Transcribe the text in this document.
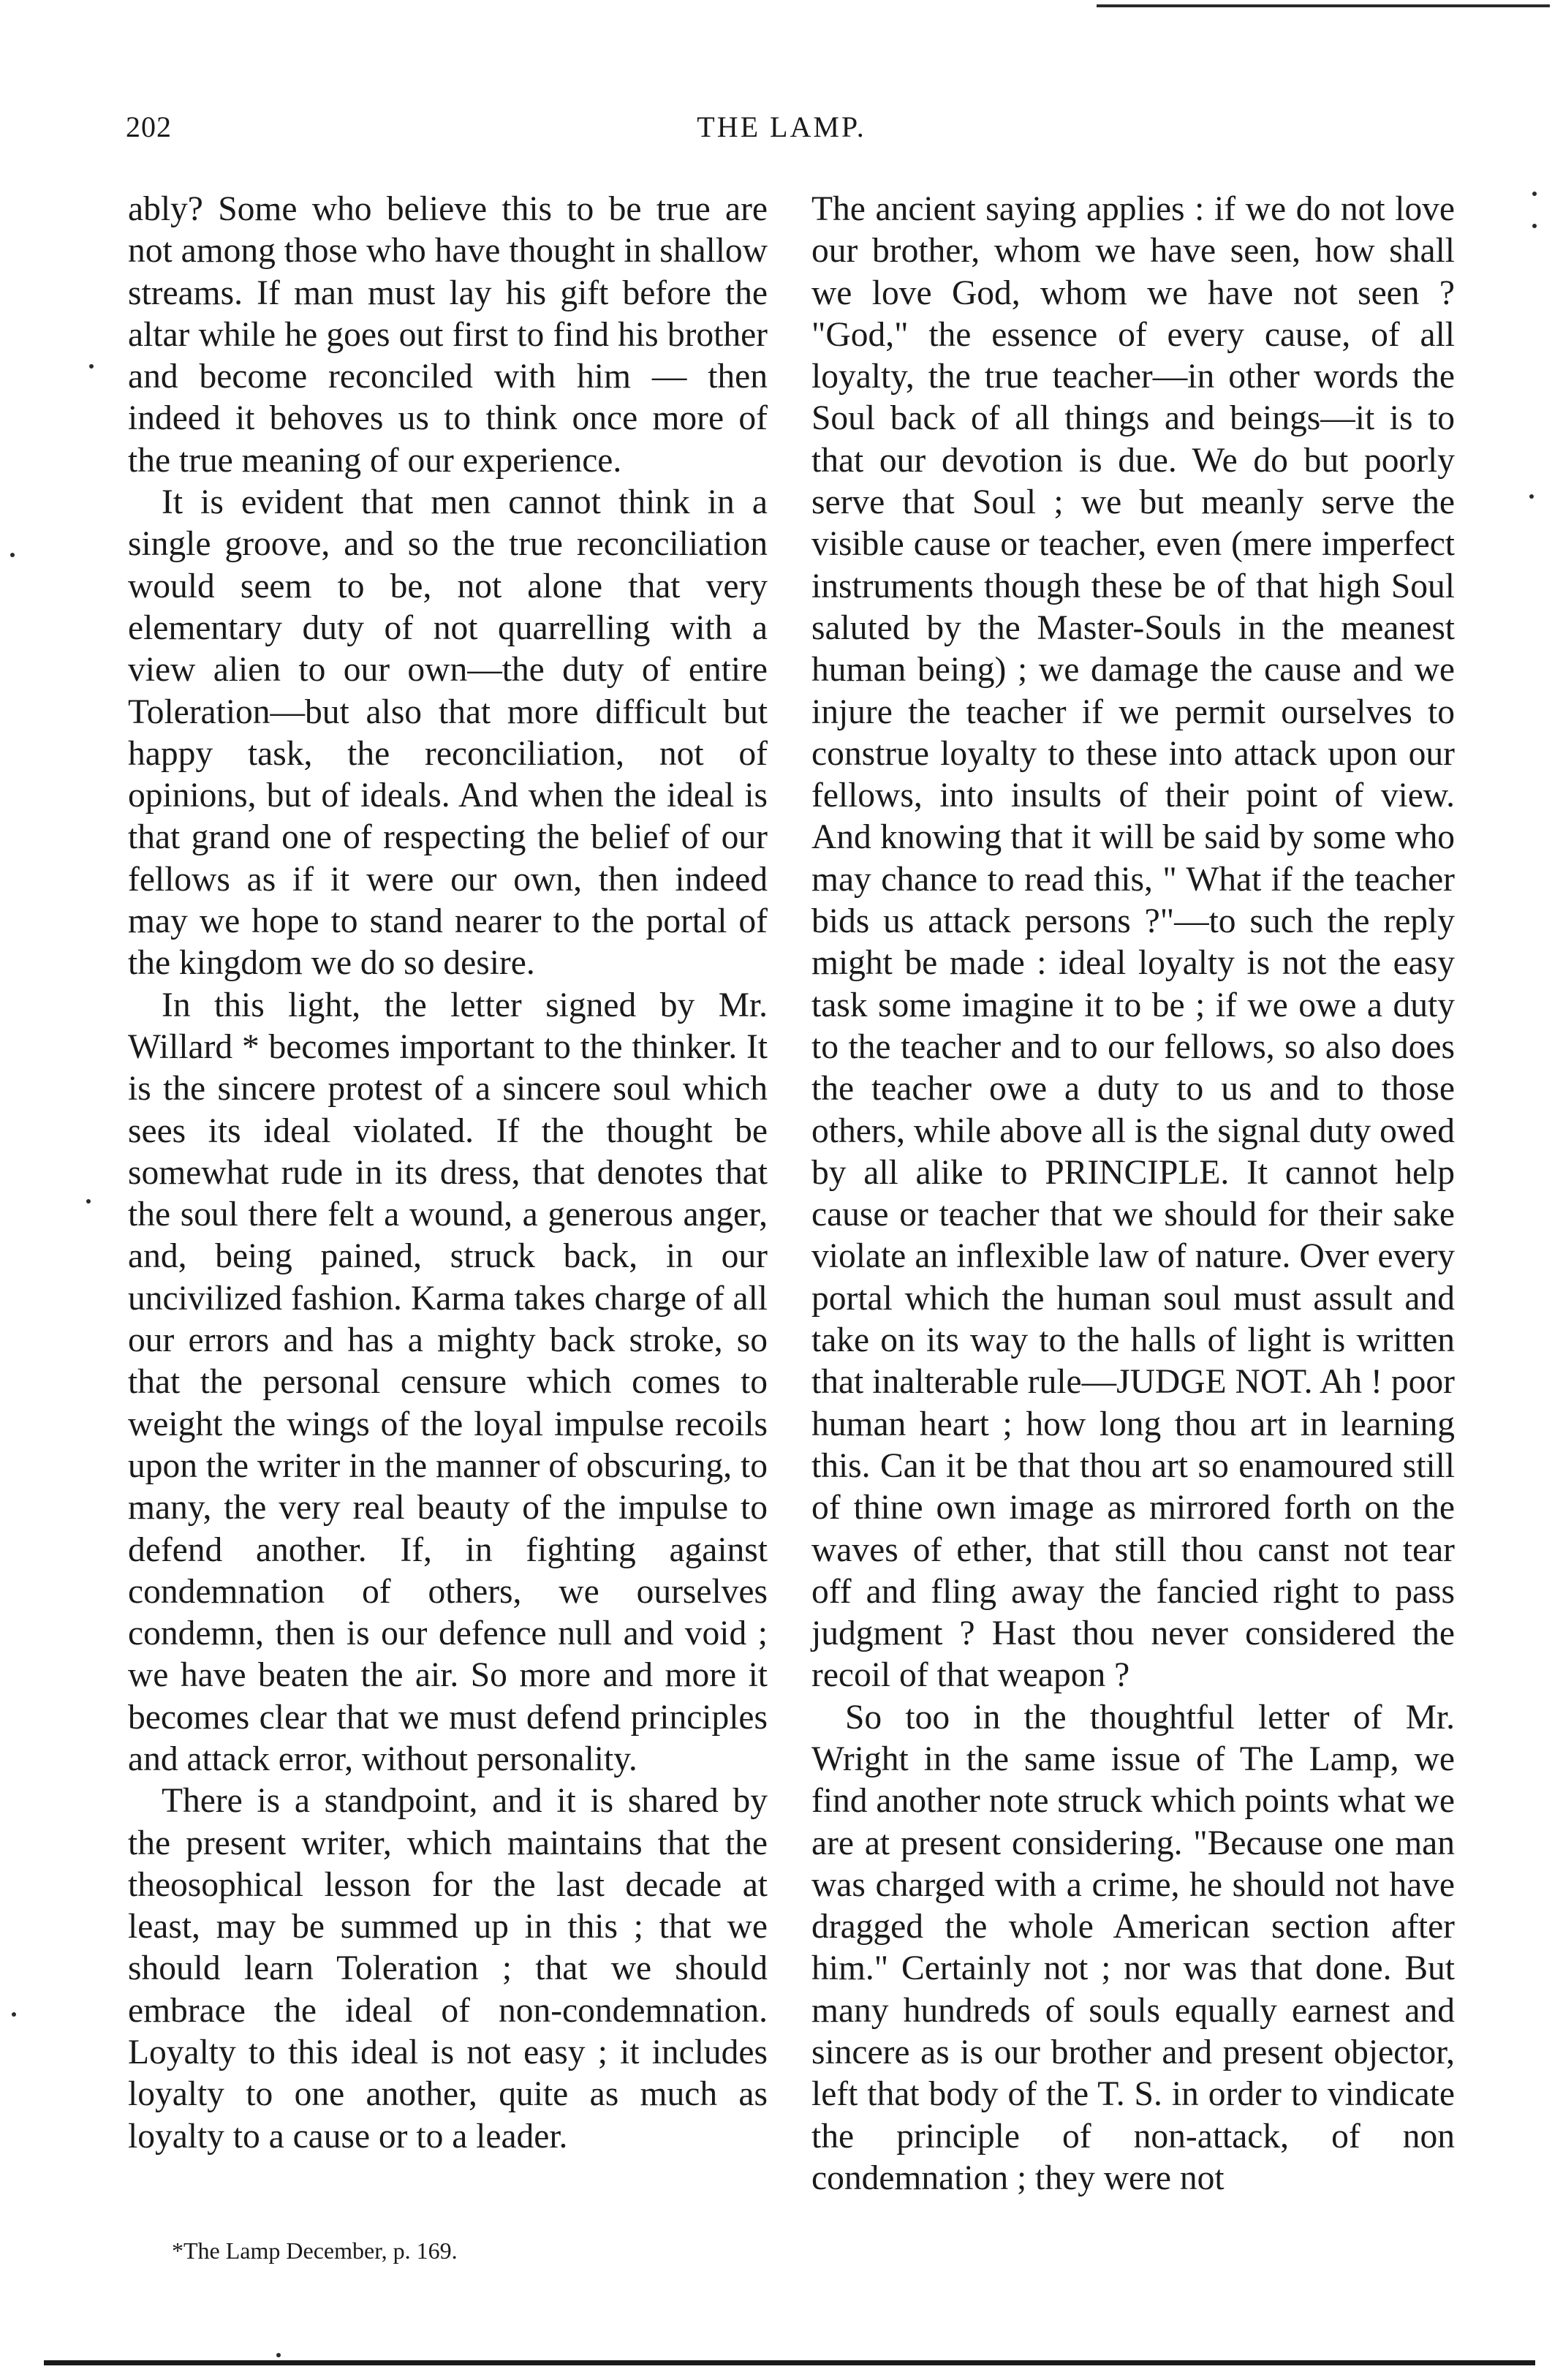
202	THE LAMP.

ably? Some who believe this to be true are not among those who have thought in shallow streams. If man must lay his gift before the altar while he goes out first to find his brother and become reconciled with him — then indeed it behoves us to think once more of the true meaning of our experience.

It is evident that men cannot think in a single groove, and so the true reconciliation would seem to be, not alone that very elementary duty of not quarrelling with a view alien to our own—the duty of entire Toleration—but also that more difficult but happy task, the reconciliation, not of opinions, but of ideals. And when the ideal is that grand one of respecting the belief of our fellows as if it were our own, then indeed may we hope to stand nearer to the portal of the kingdom we do so desire.

In this light, the letter signed by Mr. Willard * becomes important to the thinker. It is the sincere protest of a sincere soul which sees its ideal violated. If the thought be somewhat rude in its dress, that denotes that the soul there felt a wound, a generous anger, and, being pained, struck back, in our uncivilized fashion. Karma takes charge of all our errors and has a mighty back stroke, so that the personal censure which comes to weight the wings of the loyal impulse recoils upon the writer in the manner of obscuring, to many, the very real beauty of the impulse to defend another. If, in fighting against condemnation of others, we ourselves condemn, then is our defence null and void ; we have beaten the air. So more and more it becomes clear that we must defend principles and attack error, without personality.

There is a standpoint, and it is shared by the present writer, which maintains that the theosophical lesson for the last decade at least, may be summed up in this ; that we should learn Toleration ; that we should embrace the ideal of non-condemnation. Loyalty to this ideal is not easy ; it includes loyalty to one another, quite as much as loyalty to a cause or to a leader.

The ancient saying applies : if we do not love our brother, whom we have seen, how shall we love God, whom we have not seen ? "God," the essence of every cause, of all loyalty, the true teacher—in other words the Soul back of all things and beings—it is to that our devotion is due. We do but poorly serve that Soul ; we but meanly serve the visible cause or teacher, even (mere imperfect instruments though these be of that high Soul saluted by the Master-Souls in the meanest human being) ; we damage the cause and we injure the teacher if we permit ourselves to construe loyalty to these into attack upon our fellows, into insults of their point of view. And knowing that it will be said by some who may chance to read this, " What if the teacher bids us attack persons ?"—to such the reply might be made : ideal loyalty is not the easy task some imagine it to be ; if we owe a duty to the teacher and to our fellows, so also does the teacher owe a duty to us and to those others, while above all is the signal duty owed by all alike to PRINCIPLE. It cannot help cause or teacher that we should for their sake violate an inflexible law of nature. Over every portal which the human soul must assult and take on its way to the halls of light is written that inalterable rule—JUDGE NOT. Ah ! poor human heart ; how long thou art in learning this. Can it be that thou art so enamoured still of thine own image as mirrored forth on the waves of ether, that still thou canst not tear off and fling away the fancied right to pass judgment ? Hast thou never considered the recoil of that weapon ?

So too in the thoughtful letter of Mr. Wright in the same issue of The Lamp, we find another note struck which points what we are at present considering. "Because one man was charged with a crime, he should not have dragged the whole American section after him." Certainly not ; nor was that done. But many hundreds of souls equally earnest and sincere as is our brother and present objector, left that body of the T. S. in order to vindicate the principle of non-attack, of non condemnation ; they were not

*The Lamp December, p. 169.
